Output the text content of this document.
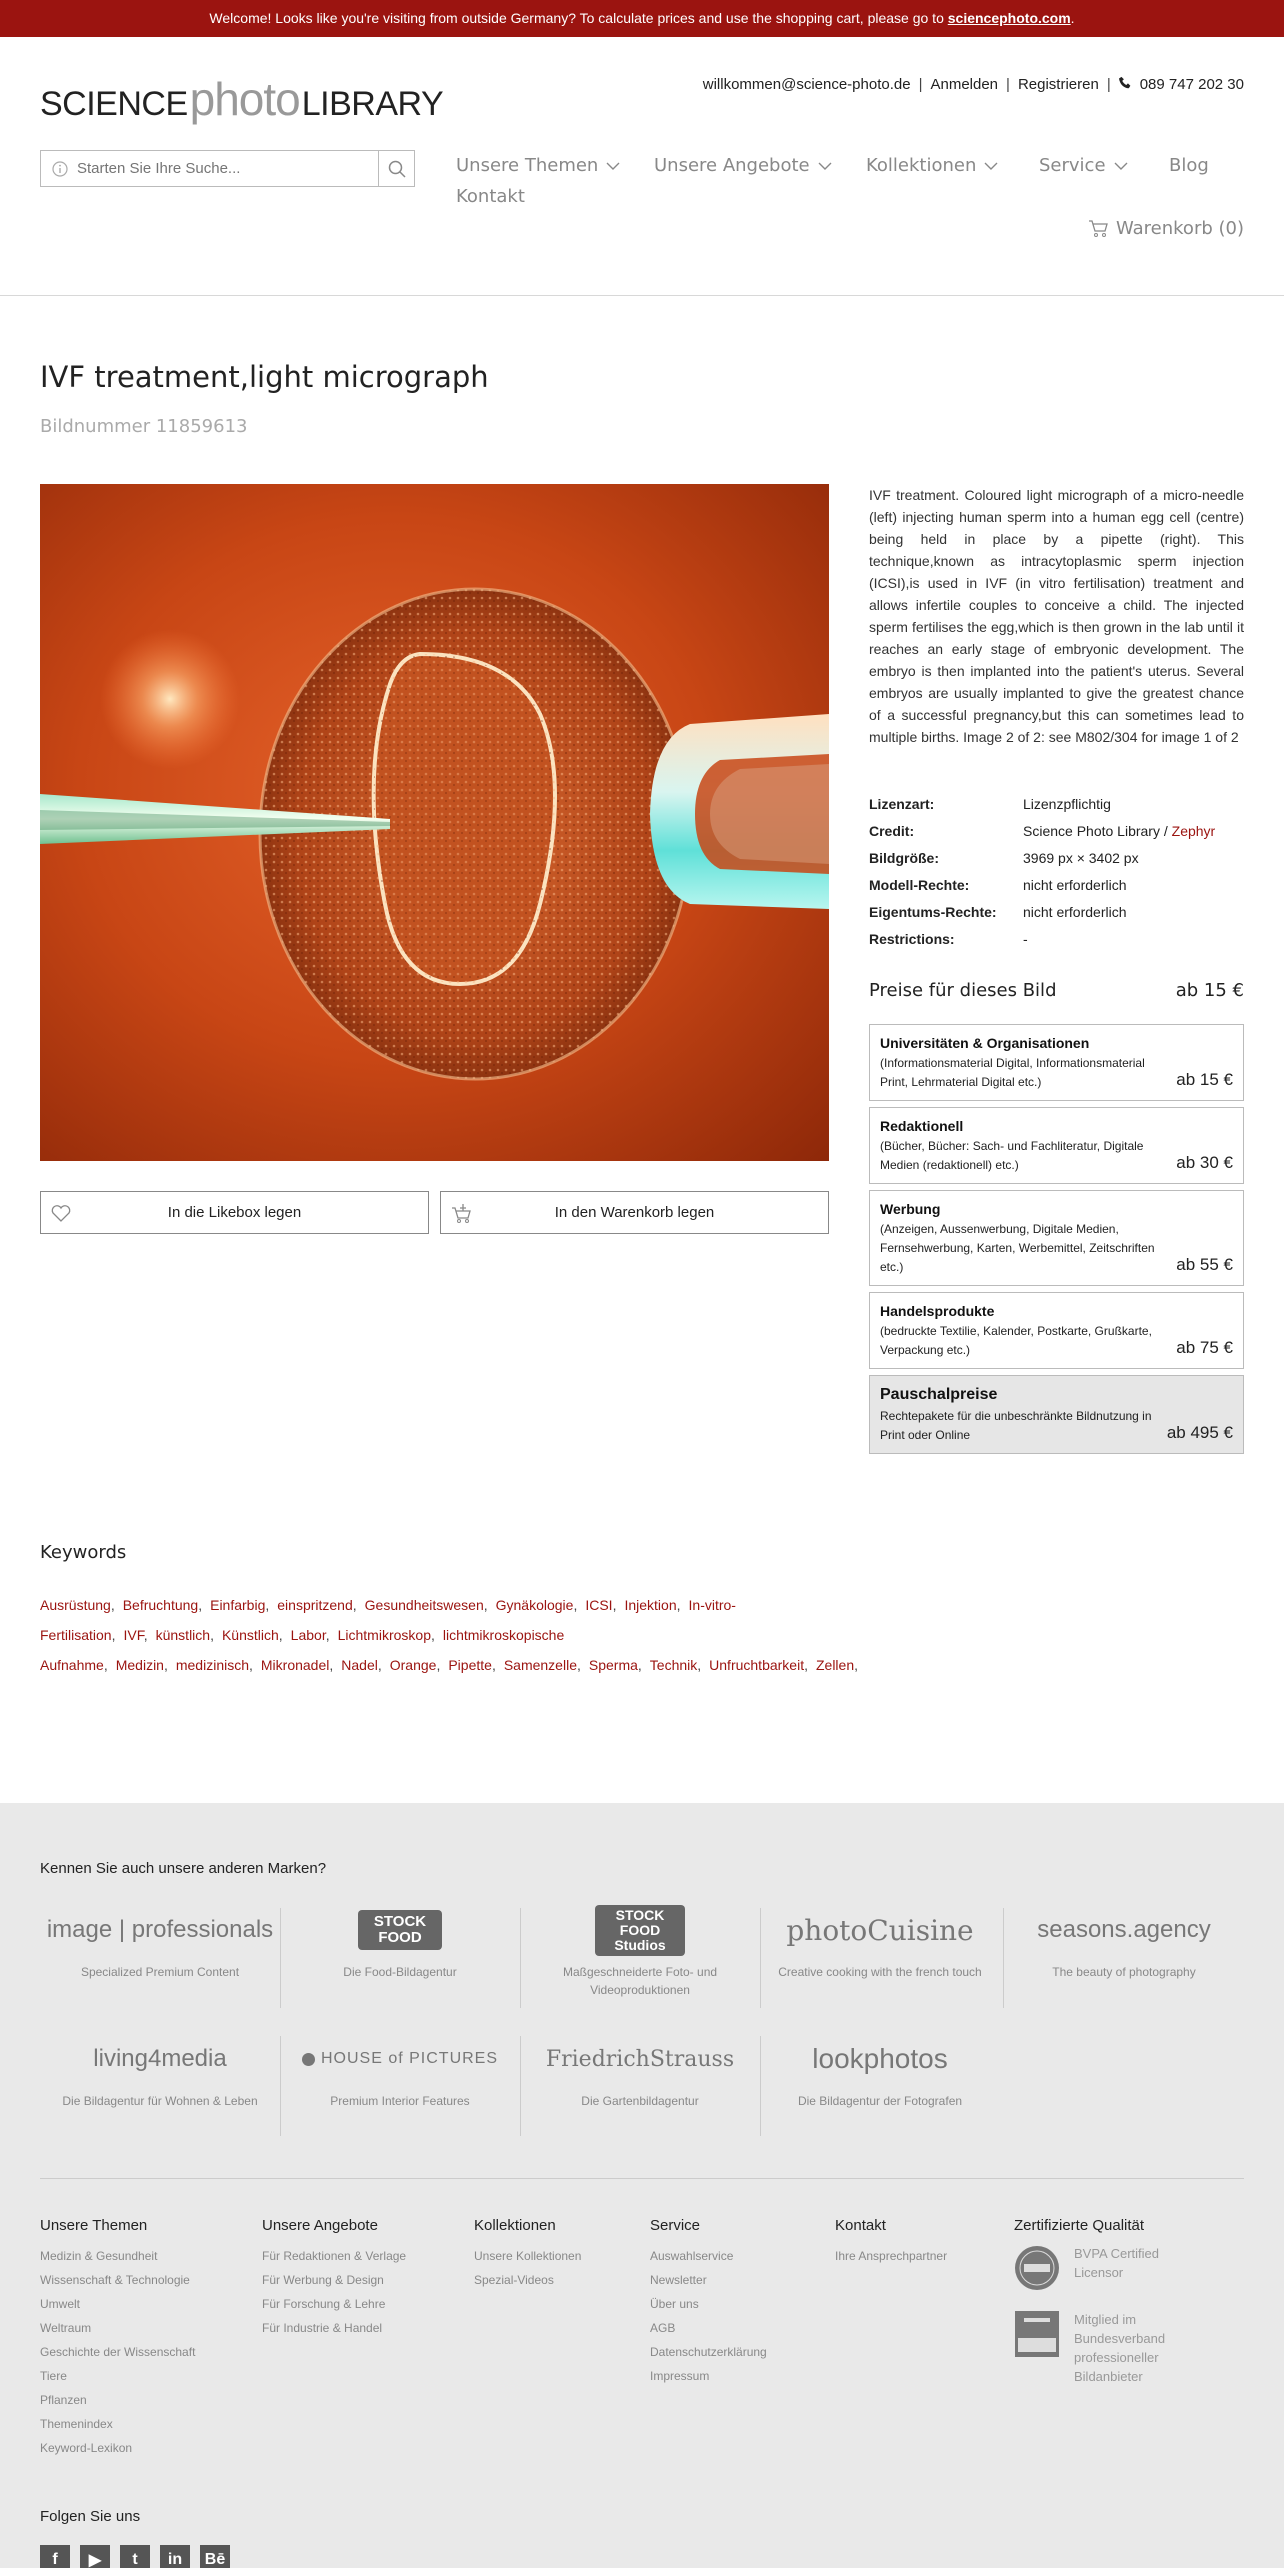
Welcome! Looks like you're visiting from outside Germany? To calculate prices and use the shopping cart, please go to sciencephoto.com.
SCIENCE photo LIBRARY
willkommen@science-photo.de | Anmelden | Registrieren | 089 747 202 30
Starten Sie Ihre Suche...
Unsere Themen	Unsere Angebote	Kollektionen	Service	Blog
Kontakt
Warenkorb (0)
IVF treatment,light micrograph
Bildnummer 11859613
In die Likebox legen	In den Warenkorb legen
IVF treatment. Coloured light micrograph of a micro-needle (left) injecting human sperm into a human egg cell (centre) being held in place by a pipette (right). This technique,known as intracytoplasmic sperm injection (ICSI),is used in IVF (in vitro fertilisation) treatment and allows infertile couples to conceive a child. The injected sperm fertilises the egg,which is then grown in the lab until it reaches an early stage of embryonic development. The embryo is then implanted into the patient's uterus. Several embryos are usually implanted to give the greatest chance of a successful pregnancy,but this can sometimes lead to multiple births. Image 2 of 2: see M802/304 for image 1 of 2
Lizenzart:	Lizenzpflichtig
Credit:	Science Photo Library / Zephyr
Bildgröße:	3969 px × 3402 px
Modell-Rechte:	nicht erforderlich
Eigentums-Rechte:	nicht erforderlich
Restrictions:	-
Preise für dieses Bild	ab 15 €
Universitäten & Organisationen
(Informationsmaterial Digital, Informationsmaterial Print, Lehrmaterial Digital etc.)	ab 15 €
Redaktionell
(Bücher, Bücher: Sach- und Fachliteratur, Digitale Medien (redaktionell) etc.)	ab 30 €
Werbung
(Anzeigen, Aussenwerbung, Digitale Medien, Fernsehwerbung, Karten, Werbemittel, Zeitschriften etc.)	ab 55 €
Handelsprodukte
(bedruckte Textilie, Kalender, Postkarte, Grußkarte, Verpackung etc.)	ab 75 €
Pauschalpreise
Rechtepakete für die unbeschränkte Bildnutzung in Print oder Online	ab 495 €
Keywords
Ausrüstung, Befruchtung, Einfarbig, einspritzend, Gesundheitswesen, Gynäkologie, ICSI, Injektion, In-vitro-Fertilisation, IVF, künstlich, Künstlich, Labor, Lichtmikroskop, lichtmikroskopische Aufnahme, Medizin, medizinisch, Mikronadel, Nadel, Orange, Pipette, Samenzelle, Sperma, Technik, Unfruchtbarkeit, Zellen,
Kennen Sie auch unsere anderen Marken?
image | professionals
Specialized Premium Content
STOCK FOOD
Die Food-Bildagentur
STOCK FOOD Studios
Maßgeschneiderte Foto- und Videoproduktionen
photoCuisine
Creative cooking with the french touch
seasons.agency
The beauty of photography
living4media
Die Bildagentur für Wohnen & Leben
HOUSE of PICTURES
Premium Interior Features
FriedrichStrauss
Die Gartenbildagentur
lookphotos
Die Bildagentur der Fotografen
Unsere Themen
Medizin & Gesundheit
Wissenschaft & Technologie
Umwelt
Weltraum
Geschichte der Wissenschaft
Tiere
Pflanzen
Themenindex
Keyword-Lexikon
Unsere Angebote
Für Redaktionen & Verlage
Für Werbung & Design
Für Forschung & Lehre
Für Industrie & Handel
Kollektionen
Unsere Kollektionen
Spezial-Videos
Service
Auswahlservice
Newsletter
Über uns
AGB
Datenschutzerklärung
Impressum
Kontakt
Ihre Ansprechpartner
Zertifizierte Qualität
BVPA Certified Licensor
Mitglied im Bundesverband professioneller Bildanbieter
Folgen Sie uns
f	▶	t	in	Bē
